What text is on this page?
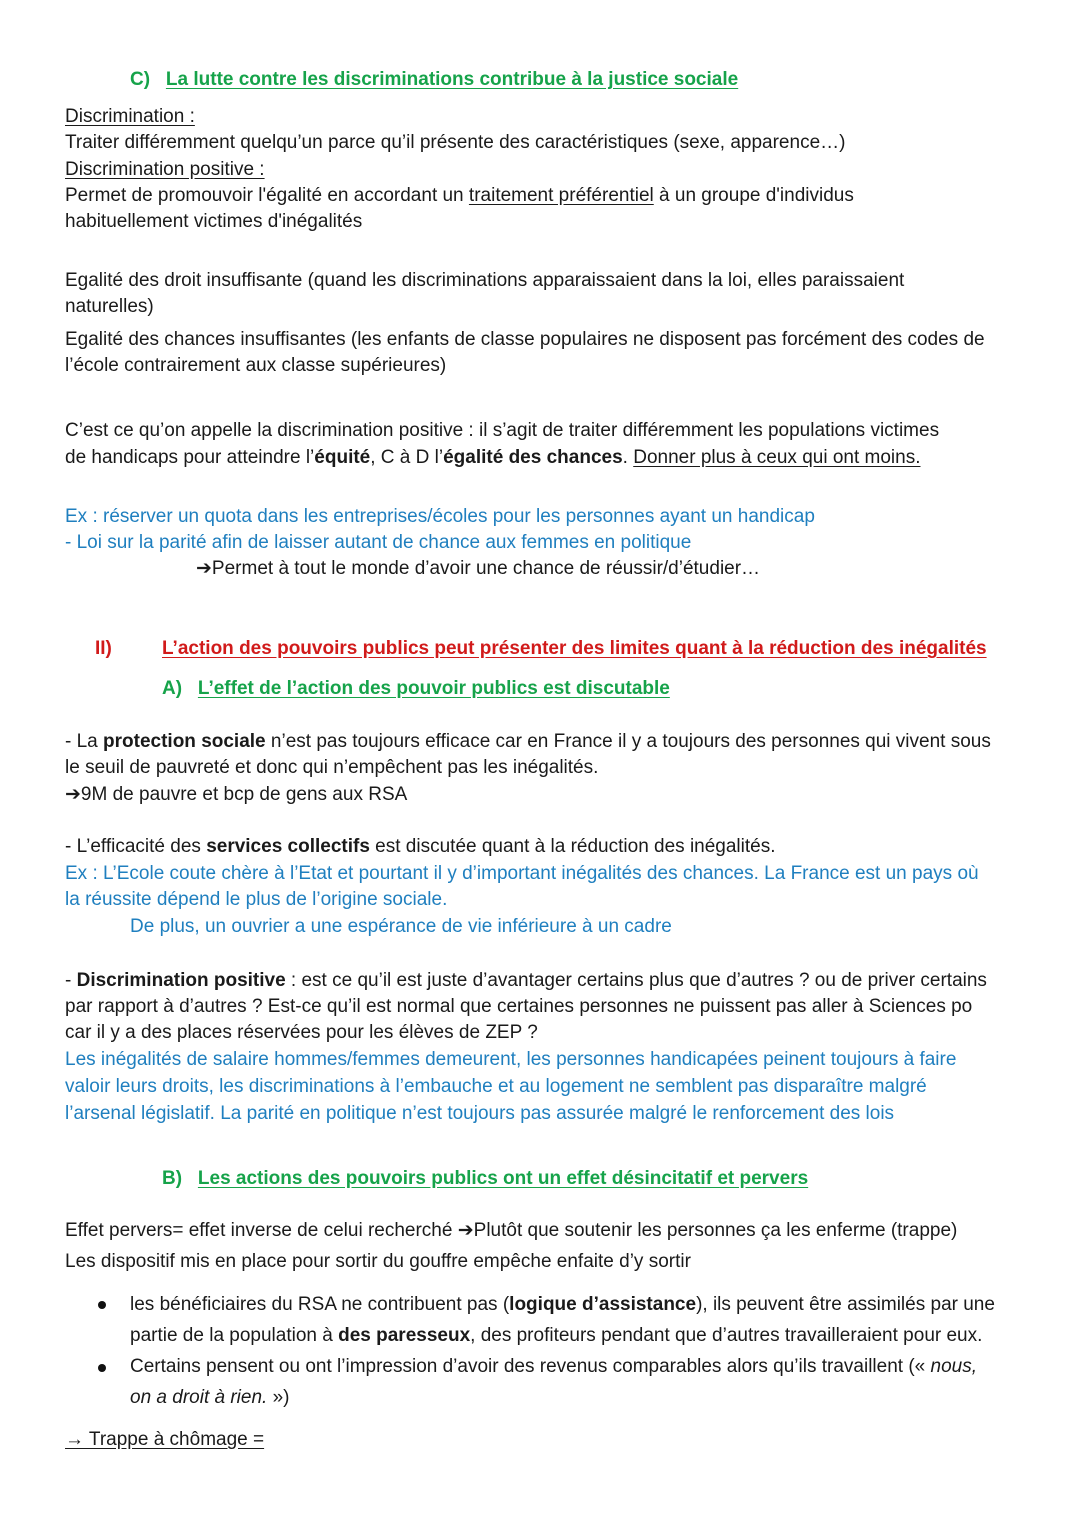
C) La lutte contre les discriminations contribue à la justice sociale
Discrimination :
Traiter différemment quelqu’un parce qu’il présente des caractéristiques (sexe, apparence…)
Discrimination positive :
Permet de promouvoir l'égalité en accordant un traitement préférentiel à un groupe d'individus
habituellement victimes d'inégalités
Egalité des droit insuffisante (quand les discriminations apparaissaient dans la loi, elles paraissaient
naturelles)
Egalité des chances insuffisantes (les enfants de classe populaires ne disposent pas forcément des codes de
l’école contrairement aux classe supérieures)
C’est ce qu’on appelle la discrimination positive : il s’agit de traiter différemment les populations victimes
de handicaps pour atteindre l’équité, C à D l’égalité des chances. Donner plus à ceux qui ont moins.
Ex : réserver un quota dans les entreprises/écoles pour les personnes ayant un handicap
- Loi sur la parité afin de laisser autant de chance aux femmes en politique
➔Permet à tout le monde d’avoir une chance de réussir/d’étudier…
II)	L’action des pouvoirs publics peut présenter des limites quant à la réduction des inégalités
A) L’effet de l’action des pouvoir publics est discutable
- La protection sociale n’est pas toujours efficace car en France il y a toujours des personnes qui vivent sous
le seuil de pauvreté et donc qui n’empêchent pas les inégalités.
➔9M de pauvre et bcp de gens aux RSA
- L’efficacité des services collectifs est discutée quant à la réduction des inégalités.
Ex : L’Ecole coute chère à l’Etat et pourtant il y d’important inégalités des chances. La France est un pays où
la réussite dépend le plus de l’origine sociale.
De plus, un ouvrier a une espérance de vie inférieure à un cadre
- Discrimination positive : est ce qu’il est juste d’avantager certains plus que d’autres ? ou de priver certains
par rapport à d’autres ? Est-ce qu’il est normal que certaines personnes ne puissent pas aller à Sciences po
car il y a des places réservées pour les élèves de ZEP ?
Les inégalités de salaire hommes/femmes demeurent, les personnes handicapées peinent toujours à faire
valoir leurs droits, les discriminations à l’embauche et au logement ne semblent pas disparaître malgré
l’arsenal législatif. La parité en politique n’est toujours pas assurée malgré le renforcement des lois
B) Les actions des pouvoirs publics ont un effet désincitatif et pervers
Effet pervers= effet inverse de celui recherché ➔Plutôt que soutenir les personnes ça les enferme (trappe)
Les dispositif mis en place pour sortir du gouffre empêche enfaite d’y sortir
les bénéficiaires du RSA ne contribuent pas (logique d’assistance), ils peuvent être assimilés par une
partie de la population à des paresseux, des profiteurs pendant que d’autres travailleraient pour eux.
Certains pensent ou ont l’impression d’avoir des revenus comparables alors qu’ils travaillent (« nous,
on a droit à rien. »)
→ Trappe à chômage =
